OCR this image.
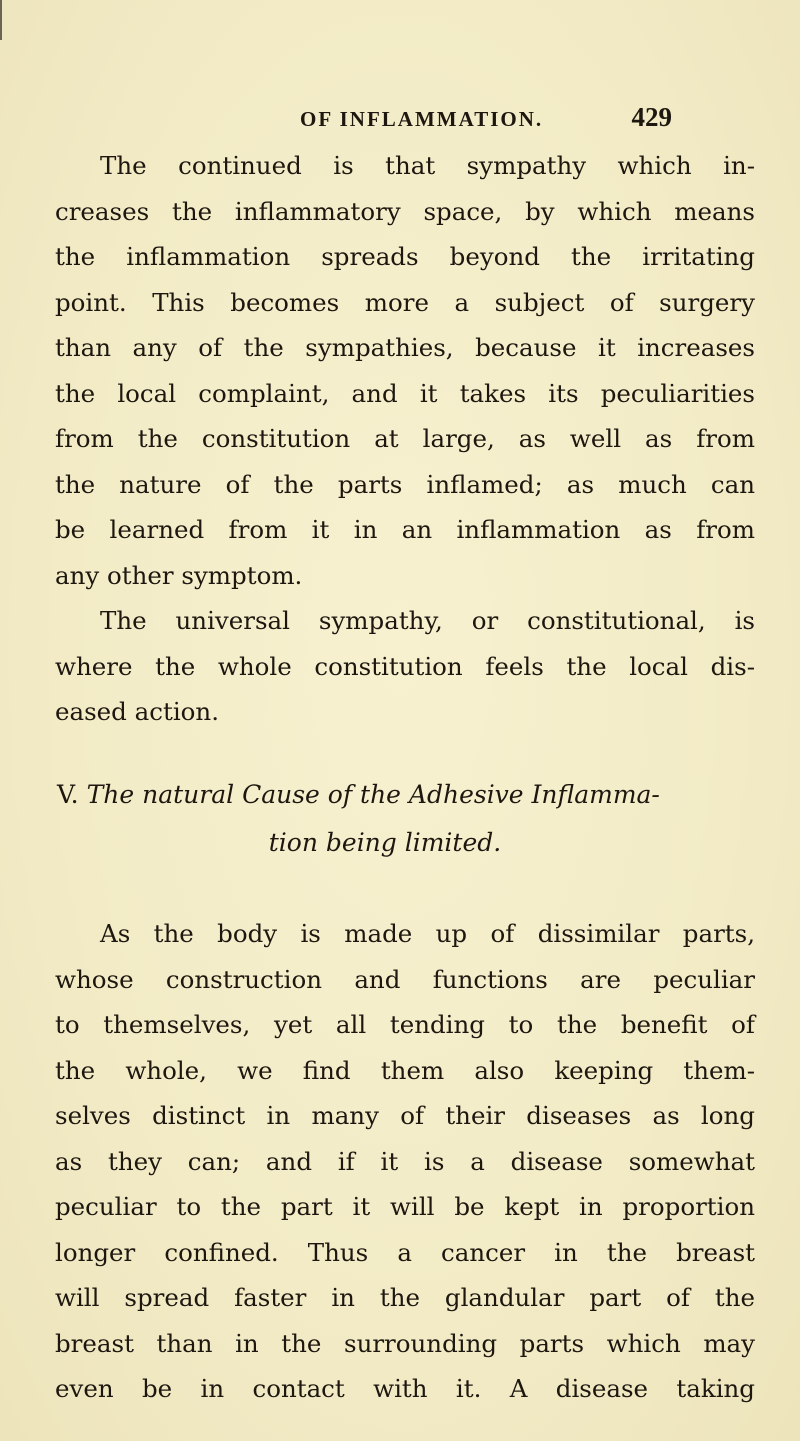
OF INFLAMMATION.	429
The continued is that sympathy which in-
creases the inflammatory space, by which means
the inflammation spreads beyond the irritating
point. This becomes more a subject of surgery
than any of the sympathies, because it increases
the local complaint, and it takes its peculiarities
from the constitution at large, as well as from
the nature of the parts inflamed; as much can
be learned from it in an inflammation as from
any other symptom.
The universal sympathy, or constitutional, is
where the whole constitution feels the local dis-
eased action.
V. The natural Cause of the Adhesive Inflamma-
tion being limited.
As the body is made up of dissimilar parts,
whose construction and functions are peculiar
to themselves, yet all tending to the benefit of
the whole, we find them also keeping them-
selves distinct in many of their diseases as long
as they can; and if it is a disease somewhat
peculiar to the part it will be kept in proportion
longer confined. Thus a cancer in the breast
will spread faster in the glandular part of the
breast than in the surrounding parts which may
even be in contact with it. A disease taking
